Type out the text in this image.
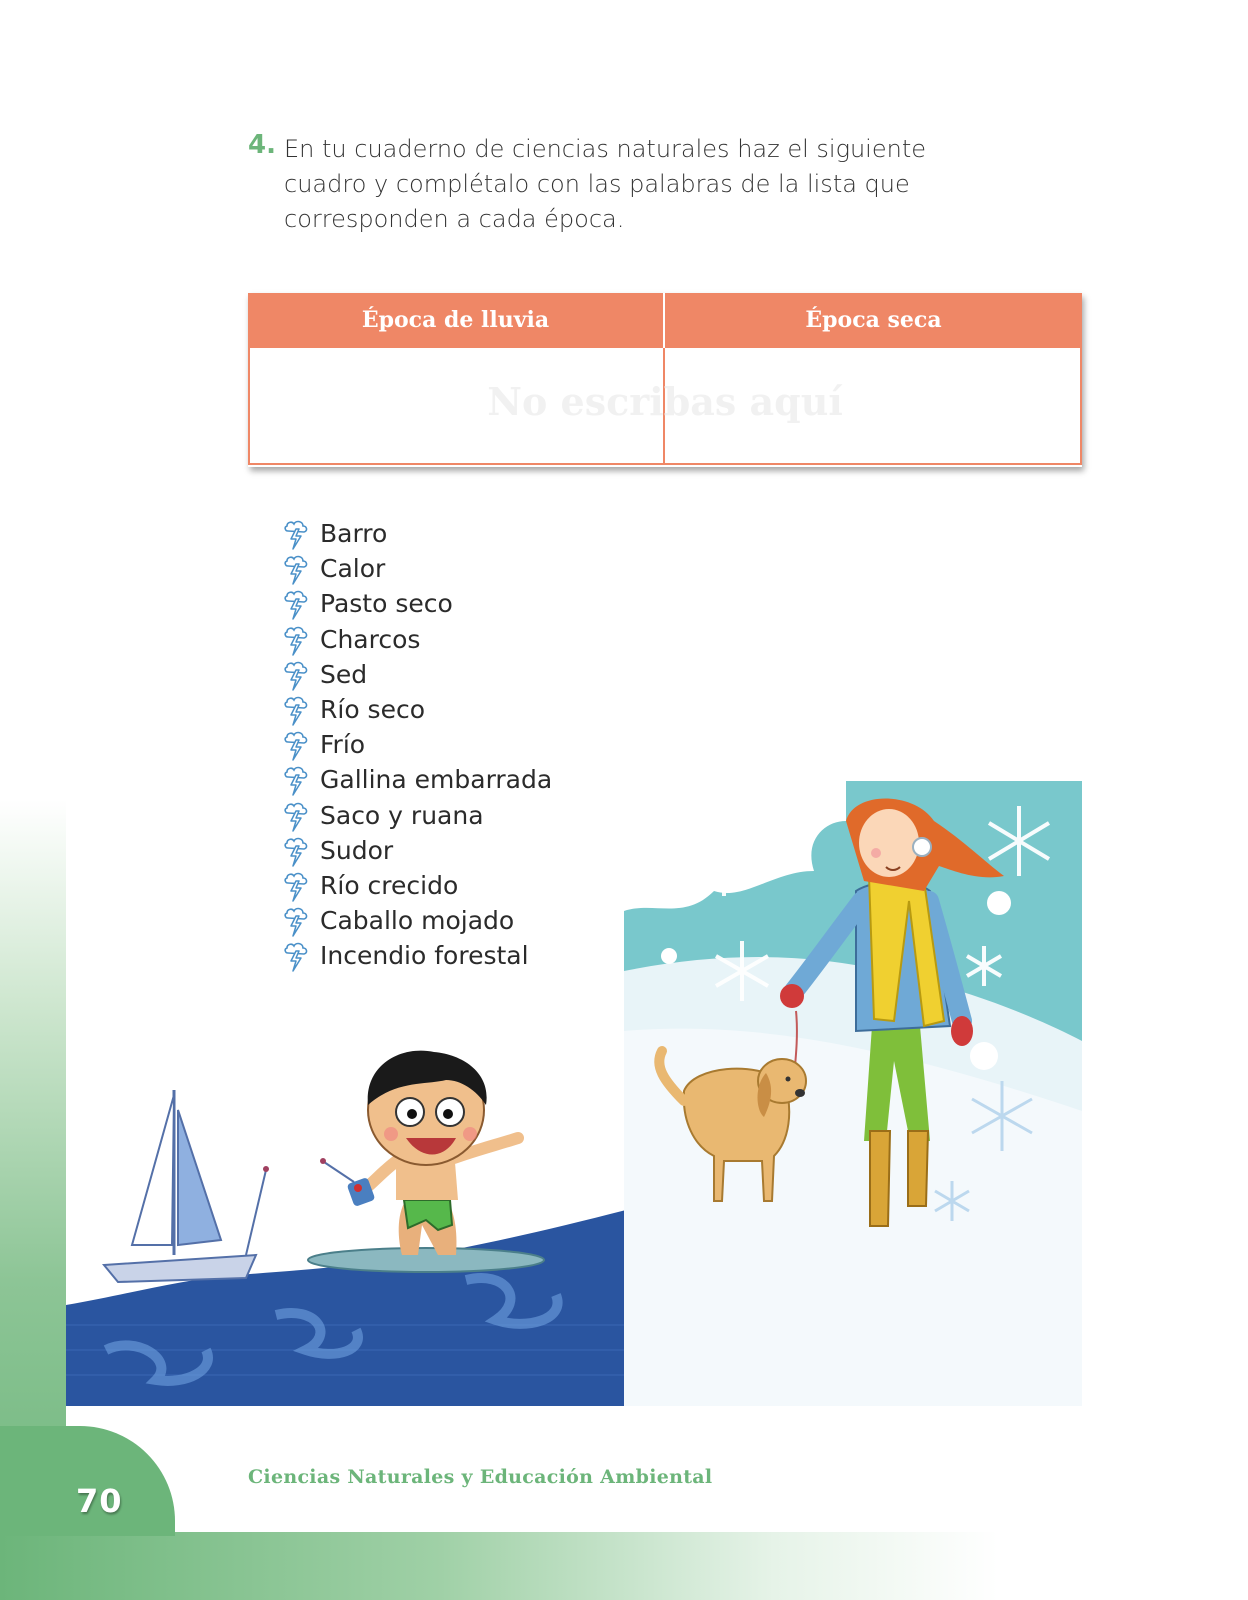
4. En tu cuaderno de ciencias naturales haz el siguiente cuadro y complétalo con las palabras de la lista que corresponden a cada época.
Época de lluvia	Época seca
No escribas aquí
Barro
Calor
Pasto seco
Charcos
Sed
Río seco
Frío
Gallina embarrada
Saco y ruana
Sudor
Río crecido
Caballo mojado
Incendio forestal
70
Ciencias Naturales y Educación Ambiental
